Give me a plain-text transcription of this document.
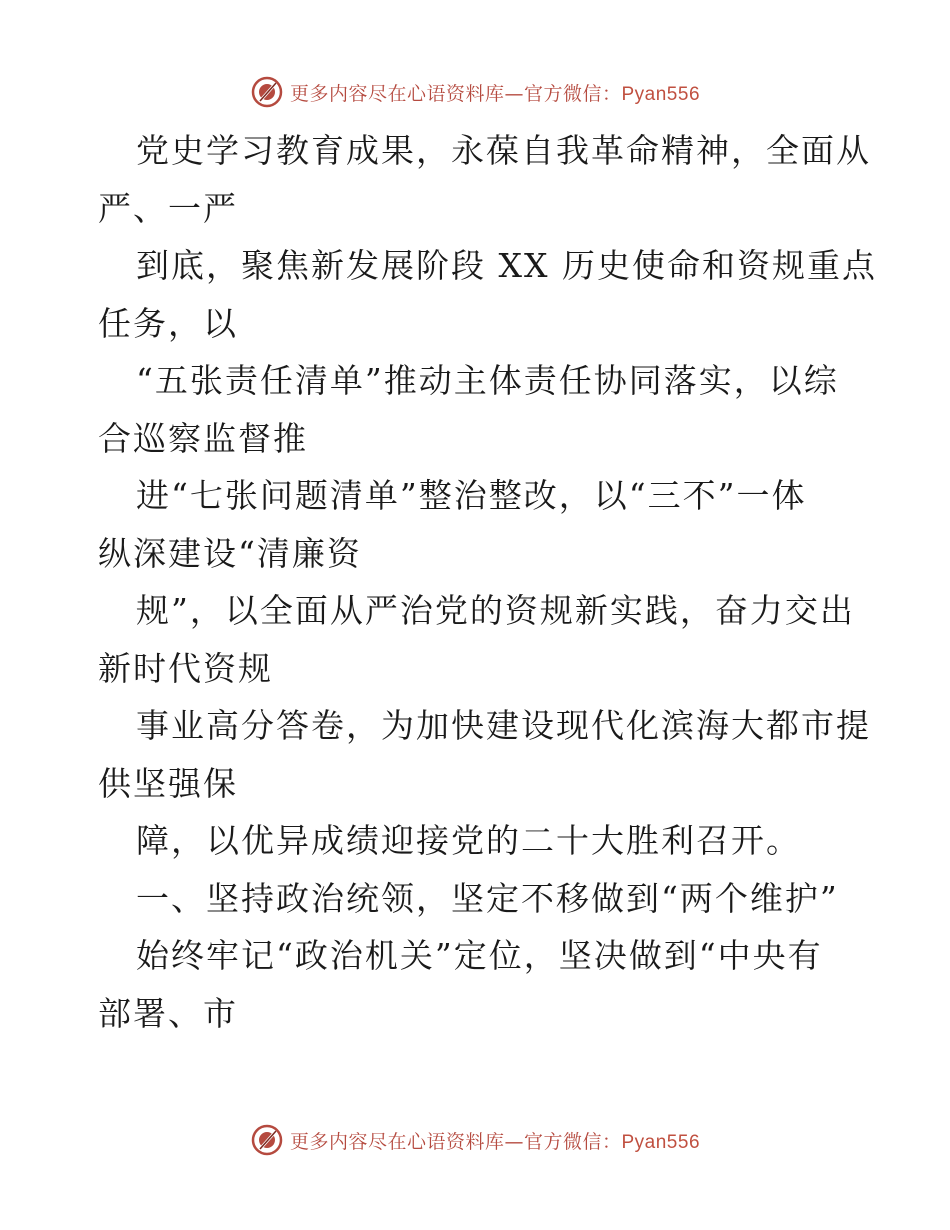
更多内容尽在心语资料库—官方微信：Pyan556
党史学习教育成果，永葆自我革命精神，全面从
严、一严
到底，聚焦新发展阶段 XX 历史使命和资规重点
任务，以
“五张责任清单”推动主体责任协同落实，以综
合巡察监督推
进“七张问题清单”整治整改，以“三不”一体
纵深建设“清廉资
规”，以全面从严治党的资规新实践，奋力交出
新时代资规
事业高分答卷，为加快建设现代化滨海大都市提
供坚强保
障，以优异成绩迎接党的二十大胜利召开。
一、坚持政治统领，坚定不移做到“两个维护”
始终牢记“政治机关”定位，坚决做到“中央有
部署、市
更多内容尽在心语资料库—官方微信：Pyan556
